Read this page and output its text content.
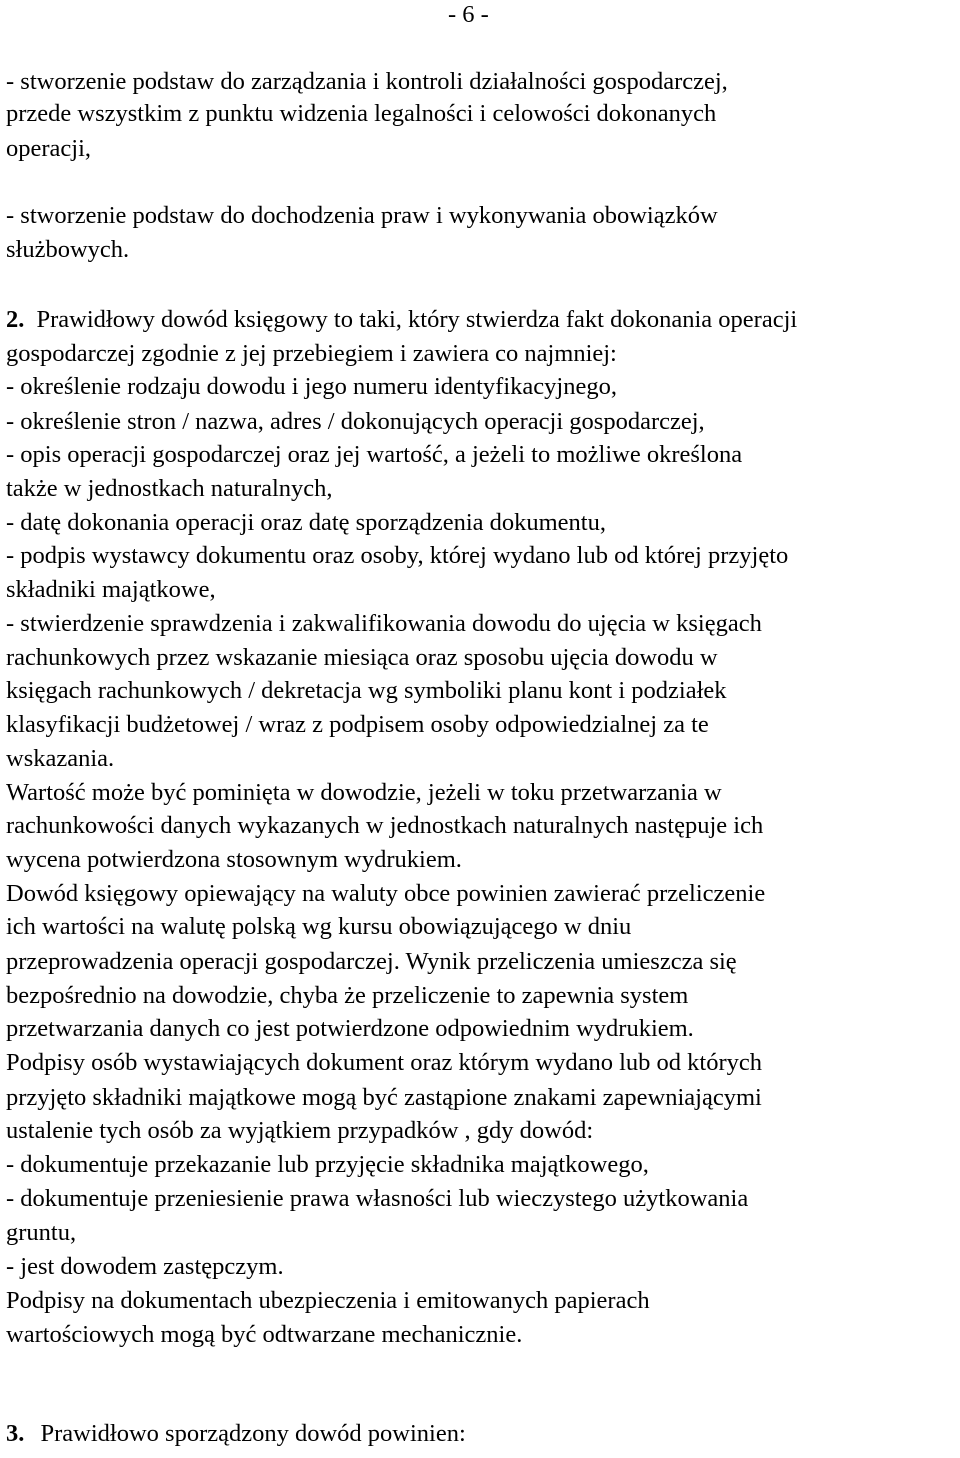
- 6 -
- stworzenie podstaw do zarządzania i kontroli działalności gospodarczej,
przede wszystkim z punktu widzenia legalności i celowości dokonanych
operacji,
- stworzenie podstaw do dochodzenia praw i wykonywania obowiązków
służbowych.
2. Prawidłowy dowód księgowy to taki, który stwierdza fakt dokonania operacji
gospodarczej zgodnie z jej przebiegiem i zawiera co najmniej:
- określenie rodzaju dowodu i jego numeru identyfikacyjnego,
- określenie stron / nazwa, adres / dokonujących operacji gospodarczej,
- opis operacji gospodarczej oraz jej wartość, a jeżeli to możliwe określona
także w jednostkach naturalnych,
- datę dokonania operacji oraz datę sporządzenia dokumentu,
- podpis wystawcy dokumentu oraz osoby, której wydano lub od której przyjęto
składniki majątkowe,
- stwierdzenie sprawdzenia i zakwalifikowania dowodu do ujęcia w księgach
rachunkowych przez wskazanie miesiąca oraz sposobu ujęcia dowodu w
księgach rachunkowych / dekretacja wg symboliki planu kont i podziałek
klasyfikacji budżetowej / wraz z podpisem osoby odpowiedzialnej za te
wskazania.
Wartość może być pominięta w dowodzie, jeżeli w toku przetwarzania w
rachunkowości danych wykazanych w jednostkach naturalnych następuje ich
wycena potwierdzona stosownym wydrukiem.
Dowód księgowy opiewający na waluty obce powinien zawierać przeliczenie
ich wartości na walutę polską wg kursu obowiązującego w dniu
przeprowadzenia operacji gospodarczej. Wynik przeliczenia umieszcza się
bezpośrednio na dowodzie, chyba że przeliczenie to zapewnia system
przetwarzania danych co jest potwierdzone odpowiednim wydrukiem.
Podpisy osób wystawiających dokument oraz którym wydano lub od których
przyjęto składniki majątkowe mogą być zastąpione znakami zapewniającymi
ustalenie tych osób za wyjątkiem przypadków , gdy dowód:
- dokumentuje przekazanie lub przyjęcie składnika majątkowego,
- dokumentuje przeniesienie prawa własności lub wieczystego użytkowania
gruntu,
- jest dowodem zastępczym.
Podpisy na dokumentach ubezpieczenia i emitowanych papierach
wartościowych mogą być odtwarzane mechanicznie.
3. Prawidłowo sporządzony dowód powinien:
